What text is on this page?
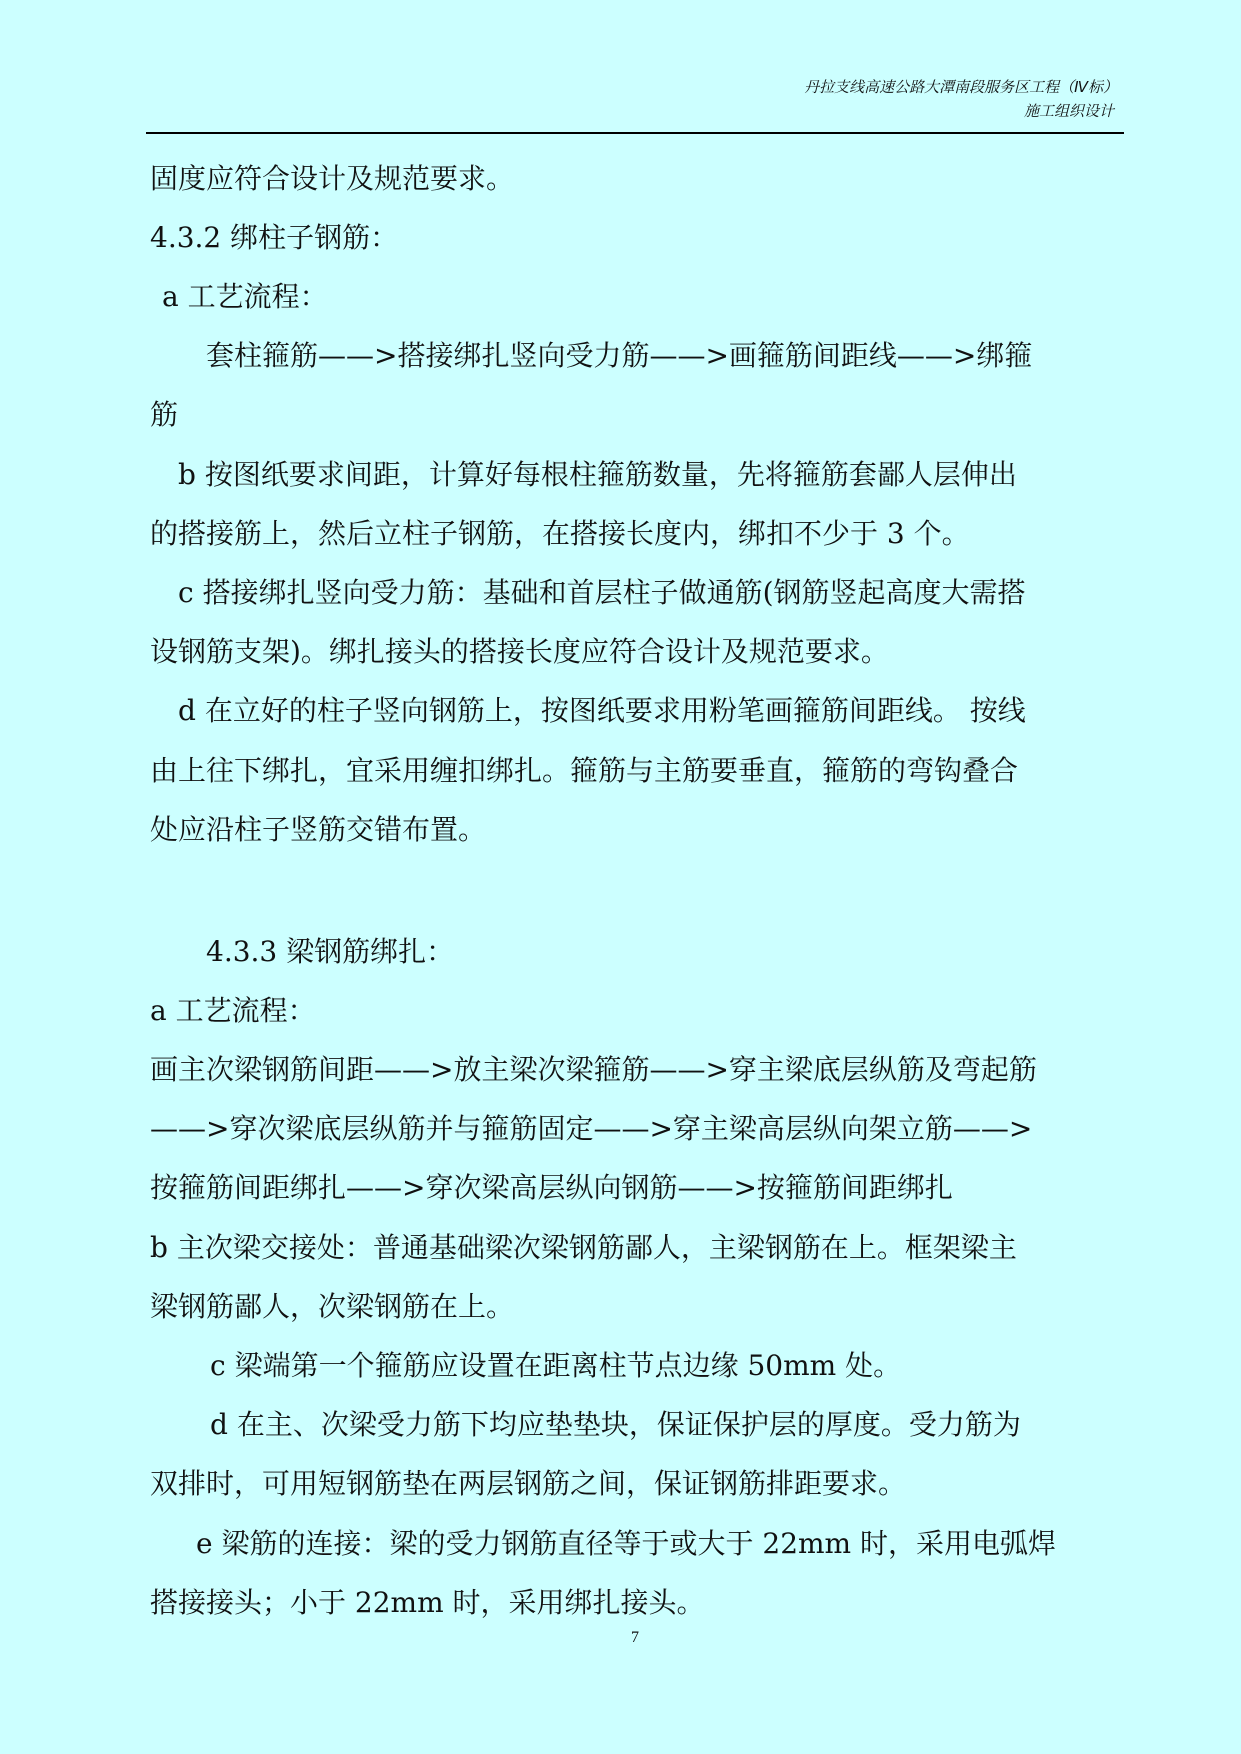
丹拉支线高速公路大潭南段服务区工程（Ⅳ标）
施工组织设计
固度应符合设计及规范要求。
4.3.2 绑柱子钢筋：
a 工艺流程：
套柱箍筋——>搭接绑扎竖向受力筋——>画箍筋间距线——>绑箍
筋
b 按图纸要求间距，计算好每根柱箍筋数量，先将箍筋套鄙人层伸出
的搭接筋上，然后立柱子钢筋，在搭接长度内，绑扣不少于 3 个。
c 搭接绑扎竖向受力筋：基础和首层柱子做通筋(钢筋竖起高度大需搭
设钢筋支架)。绑扎接头的搭接长度应符合设计及规范要求。
d 在立好的柱子竖向钢筋上，按图纸要求用粉笔画箍筋间距线。 按线
由上往下绑扎，宜采用缠扣绑扎。箍筋与主筋要垂直，箍筋的弯钩叠合
处应沿柱子竖筋交错布置。
4.3.3 梁钢筋绑扎：
a 工艺流程：
画主次梁钢筋间距——>放主梁次梁箍筋——>穿主梁底层纵筋及弯起筋
——>穿次梁底层纵筋并与箍筋固定——>穿主梁高层纵向架立筋——>
按箍筋间距绑扎——>穿次梁高层纵向钢筋——>按箍筋间距绑扎
b 主次梁交接处：普通基础梁次梁钢筋鄙人，主梁钢筋在上。框架梁主
梁钢筋鄙人，次梁钢筋在上。
c 梁端第一个箍筋应设置在距离柱节点边缘 50mm 处。
d 在主、次梁受力筋下均应垫垫块，保证保护层的厚度。受力筋为
双排时，可用短钢筋垫在两层钢筋之间，保证钢筋排距要求。
e 梁筋的连接：梁的受力钢筋直径等于或大于 22mm 时，采用电弧焊
搭接接头；小于 22mm 时，采用绑扎接头。
7
